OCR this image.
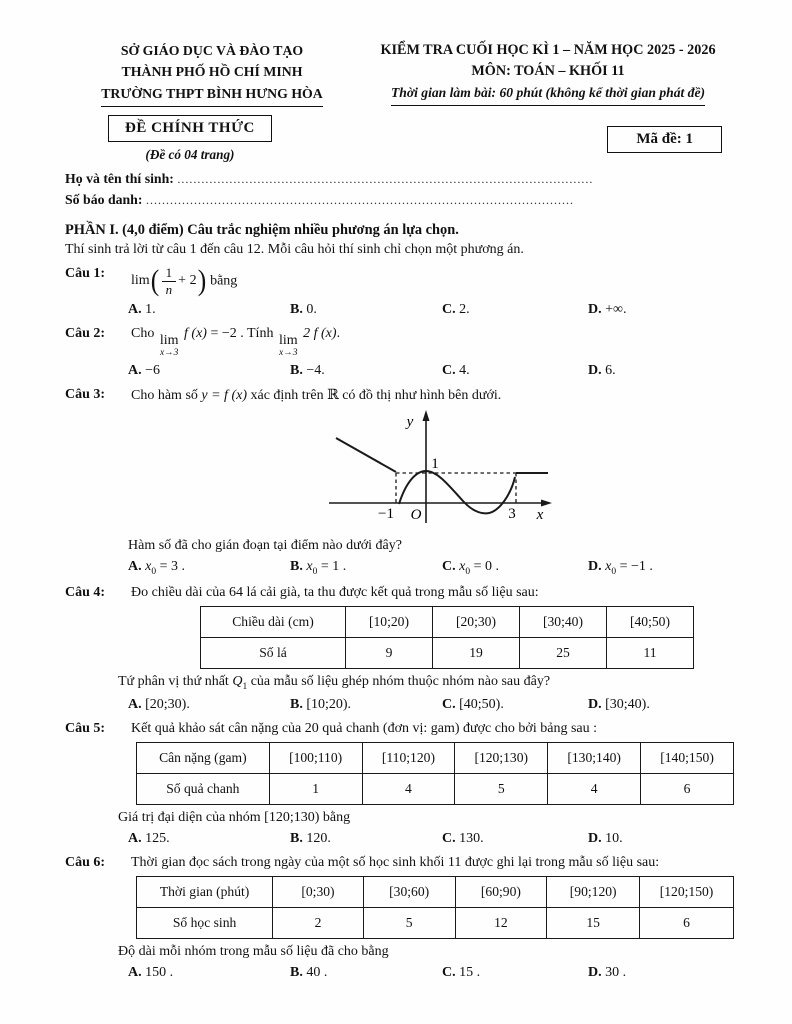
SỞ GIÁO DỤC VÀ ĐÀO TẠO
THÀNH PHỐ HỒ CHÍ MINH
TRƯỜNG THPT BÌNH HƯNG HÒA
KIỂM TRA CUỐI HỌC KÌ 1 – NĂM HỌC 2025 - 2026
MÔN: TOÁN – KHỐI 11
Thời gian làm bài: 60 phút (không kể thời gian phát đề)
ĐỀ CHÍNH THỨC
(Đề có 04 trang)
Mã đề: 1
Họ và tên thí sinh: ........................................................................................................
Số báo danh: ...........................................................................................................
PHẦN I. (4,0 điểm) Câu trắc nghiệm nhiều phương án lựa chọn.
Thí sinh trả lời từ câu 1 đến câu 12. Mỗi câu hỏi thí sinh chỉ chọn một phương án.
Câu 1:	lim ( $\frac{1}{n} + 2$ ) bằng
A. 1.	B. 0.	C. 2.	D. +∞.
Câu 2:	Cho lim
x→3
f (x) = −2 . Tính lim
x→3
2 f (x).
A. −6	B. −4.	C. 4.	D. 6.
Câu 3:	Cho hàm số y = f (x) xác định trên ℝ có đồ thị như hình bên dưới.
y
x
O
1
−1	3
Hàm số đã cho gián đoạn tại điểm nào dưới đây?
A. $x_0 = 3$ .	B. $x_0 = 1$ .	C. $x_0 = 0$ .	D. $x_0 = -1$ .
Câu 4:	Đo chiều dài của 64 lá cải già, ta thu được kết quả trong mẫu số liệu sau:
Chiều dài (cm)	[10;20)	[20;30)	[30;40)	[40;50)
Số lá	9	19	25	11
Tứ phân vị thứ nhất $Q_1$ của mẫu số liệu ghép nhóm thuộc nhóm nào sau đây?
A. [20;30).	B. [10;20).	C. [40;50).	D. [30;40).
Câu 5:	Kết quả khảo sát cân nặng của 20 quả chanh (đơn vị: gam) được cho bởi bảng sau :
Cân nặng (gam)	[100;110)	[110;120)	[120;130)	[130;140)	[140;150)
Số quả chanh	1	4	5	4	6
Giá trị đại diện của nhóm [120;130) bằng
A. 125.	B. 120.	C. 130.	D. 10.
Câu 6:	Thời gian đọc sách trong ngày của một số học sinh khối 11 được ghi lại trong mẫu số liệu sau:
Thời gian (phút)	[0;30)	[30;60)	[60;90)	[90;120)	[120;150)
Số học sinh	2	5	12	15	6
Độ dài mỗi nhóm trong mẫu số liệu đã cho bằng
A. 150 .	B. 40 .	C. 15 .	D. 30 .
